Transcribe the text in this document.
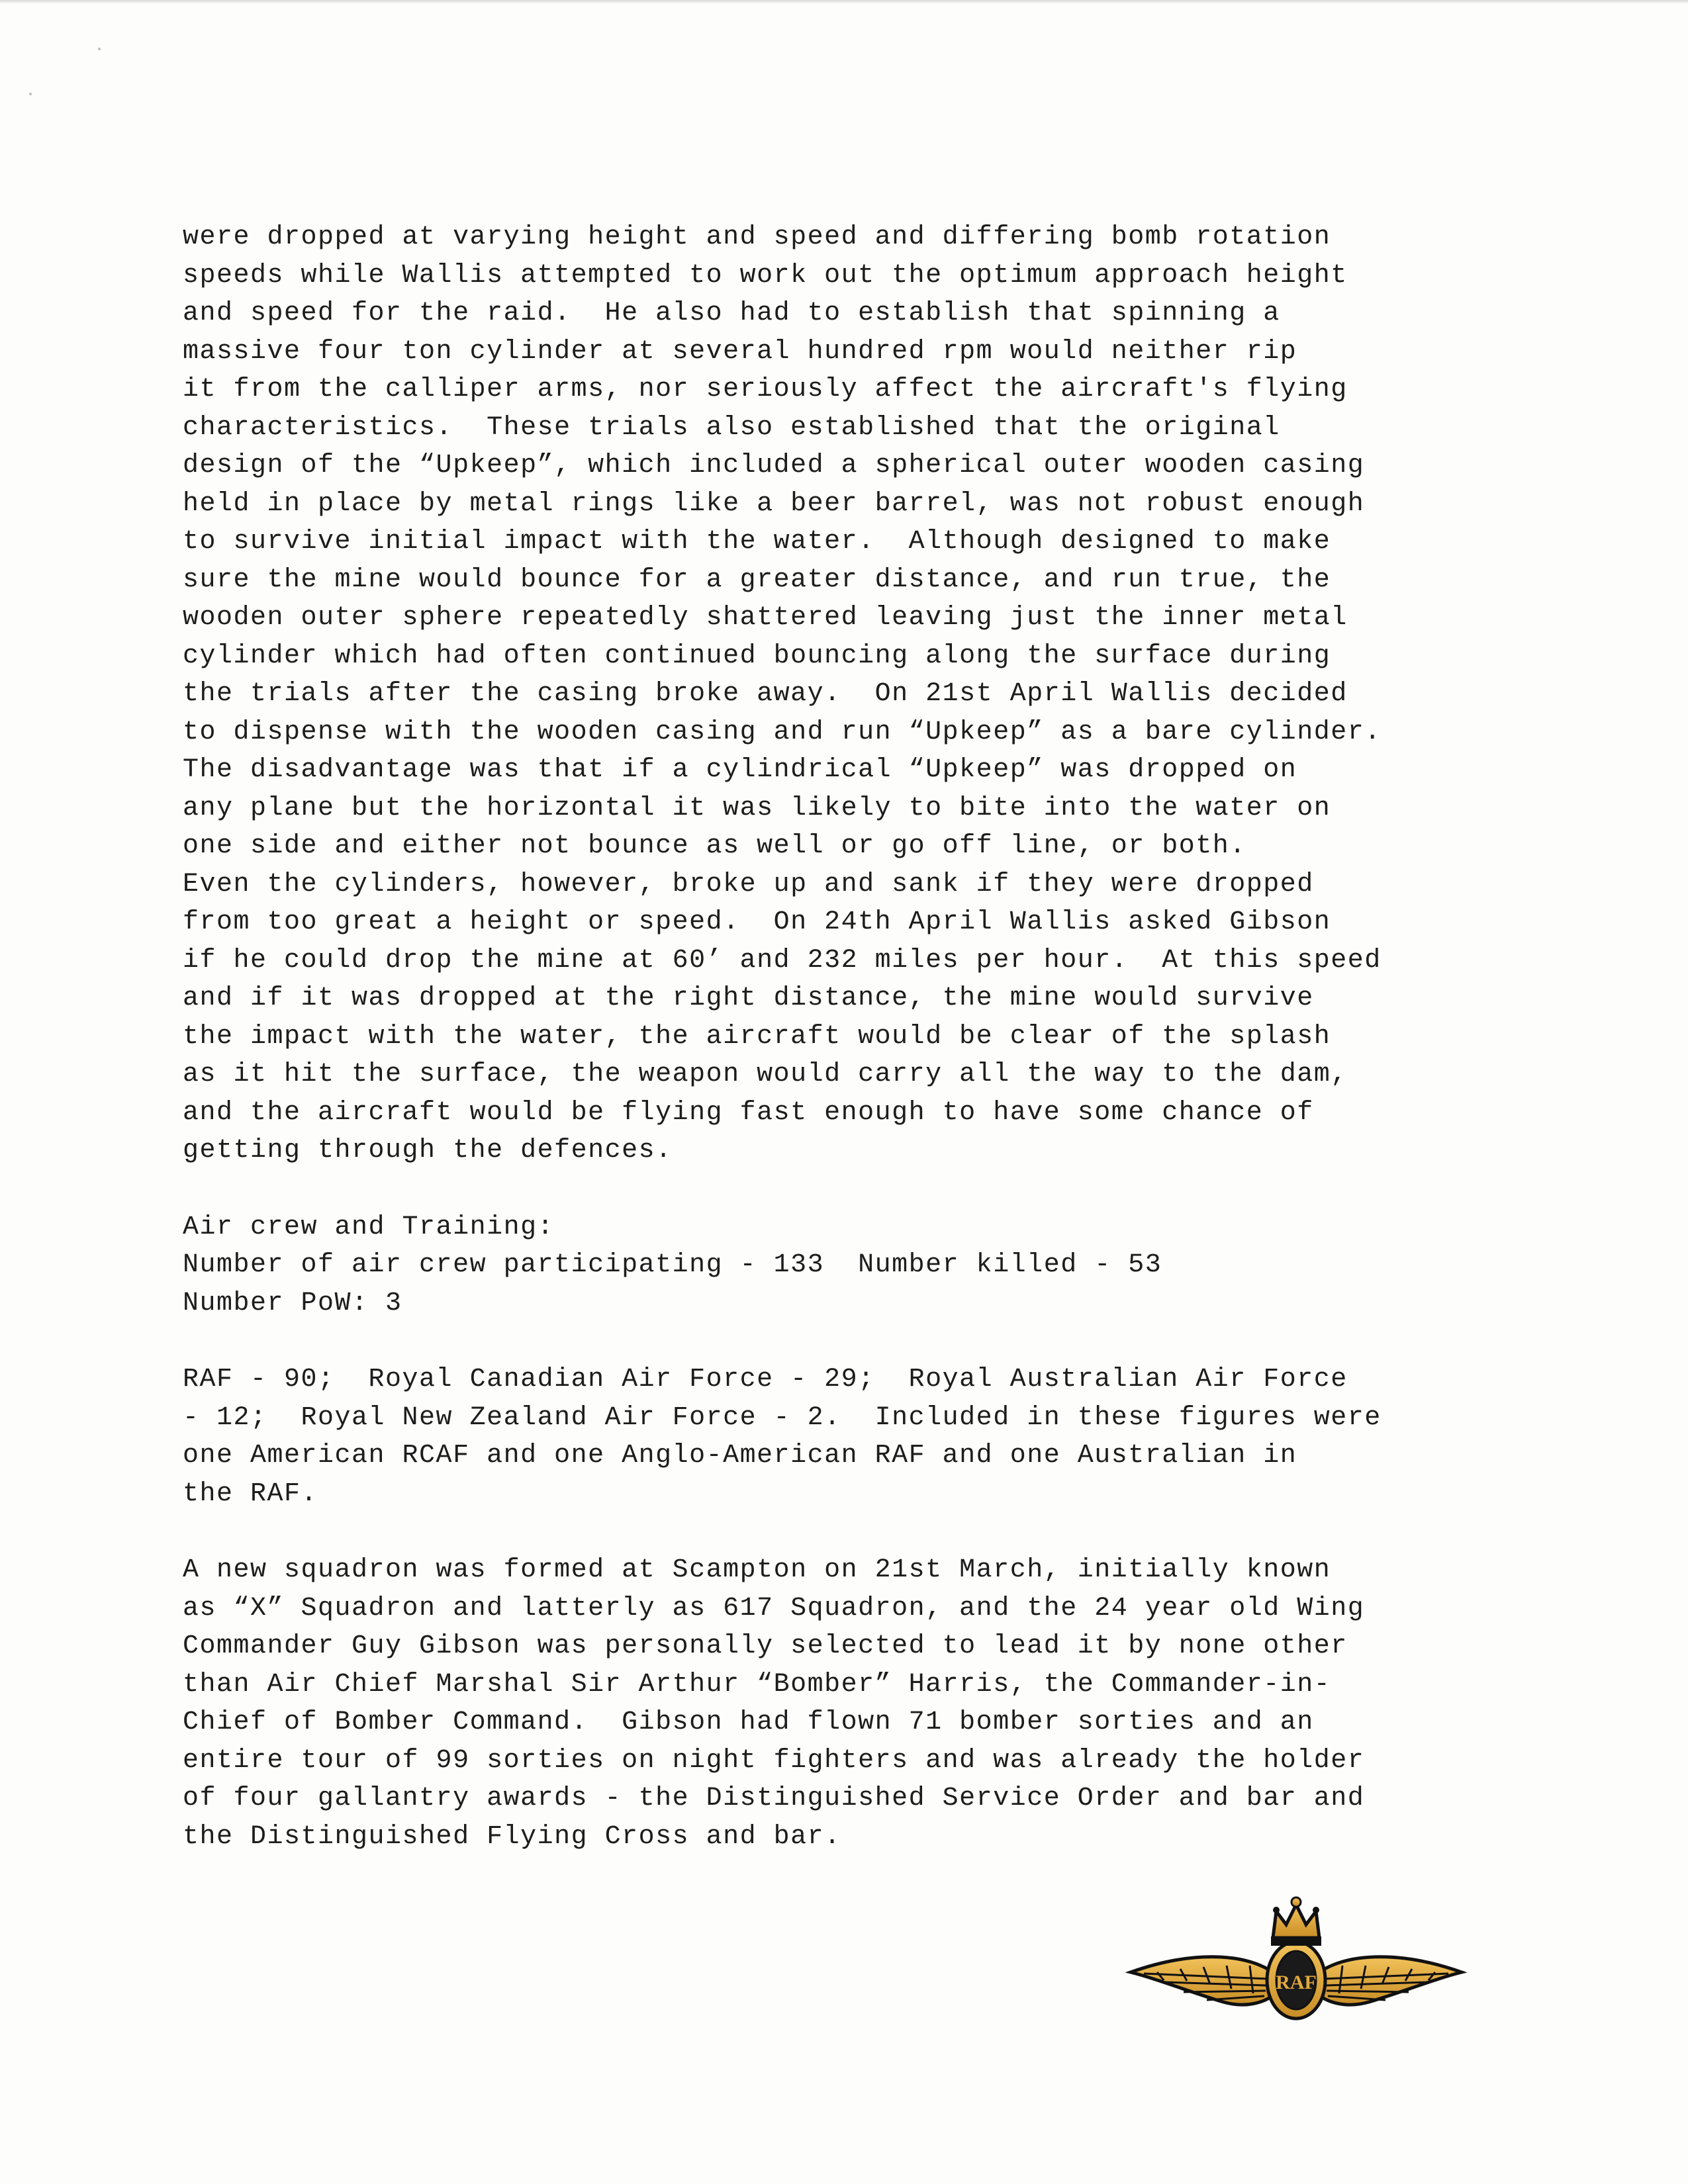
were dropped at varying height and speed and differing bomb rotation
speeds while Wallis attempted to work out the optimum approach height
and speed for the raid.  He also had to establish that spinning a
massive four ton cylinder at several hundred rpm would neither rip
it from the calliper arms, nor seriously affect the aircraft's flying
characteristics.  These trials also established that the original
design of the “Upkeep”, which included a spherical outer wooden casing
held in place by metal rings like a beer barrel, was not robust enough
to survive initial impact with the water.  Although designed to make
sure the mine would bounce for a greater distance, and run true, the
wooden outer sphere repeatedly shattered leaving just the inner metal
cylinder which had often continued bouncing along the surface during
the trials after the casing broke away.  On 21st April Wallis decided
to dispense with the wooden casing and run “Upkeep” as a bare cylinder.
The disadvantage was that if a cylindrical “Upkeep” was dropped on
any plane but the horizontal it was likely to bite into the water on
one side and either not bounce as well or go off line, or both.
Even the cylinders, however, broke up and sank if they were dropped
from too great a height or speed.  On 24th April Wallis asked Gibson
if he could drop the mine at 60’ and 232 miles per hour.  At this speed
and if it was dropped at the right distance, the mine would survive
the impact with the water, the aircraft would be clear of the splash
as it hit the surface, the weapon would carry all the way to the dam,
and the aircraft would be flying fast enough to have some chance of
getting through the defences.
Air crew and Training:
Number of air crew participating - 133  Number killed - 53
Number PoW: 3
RAF - 90;  Royal Canadian Air Force - 29;  Royal Australian Air Force
- 12;  Royal New Zealand Air Force - 2.  Included in these figures were
one American RCAF and one Anglo-American RAF and one Australian in
the RAF.
A new squadron was formed at Scampton on 21st March, initially known
as “X” Squadron and latterly as 617 Squadron, and the 24 year old Wing
Commander Guy Gibson was personally selected to lead it by none other
than Air Chief Marshal Sir Arthur “Bomber” Harris, the Commander-in-
Chief of Bomber Command.  Gibson had flown 71 bomber sorties and an
entire tour of 99 sorties on night fighters and was already the holder
of four gallantry awards - the Distinguished Service Order and bar and
the Distinguished Flying Cross and bar.
RAF
